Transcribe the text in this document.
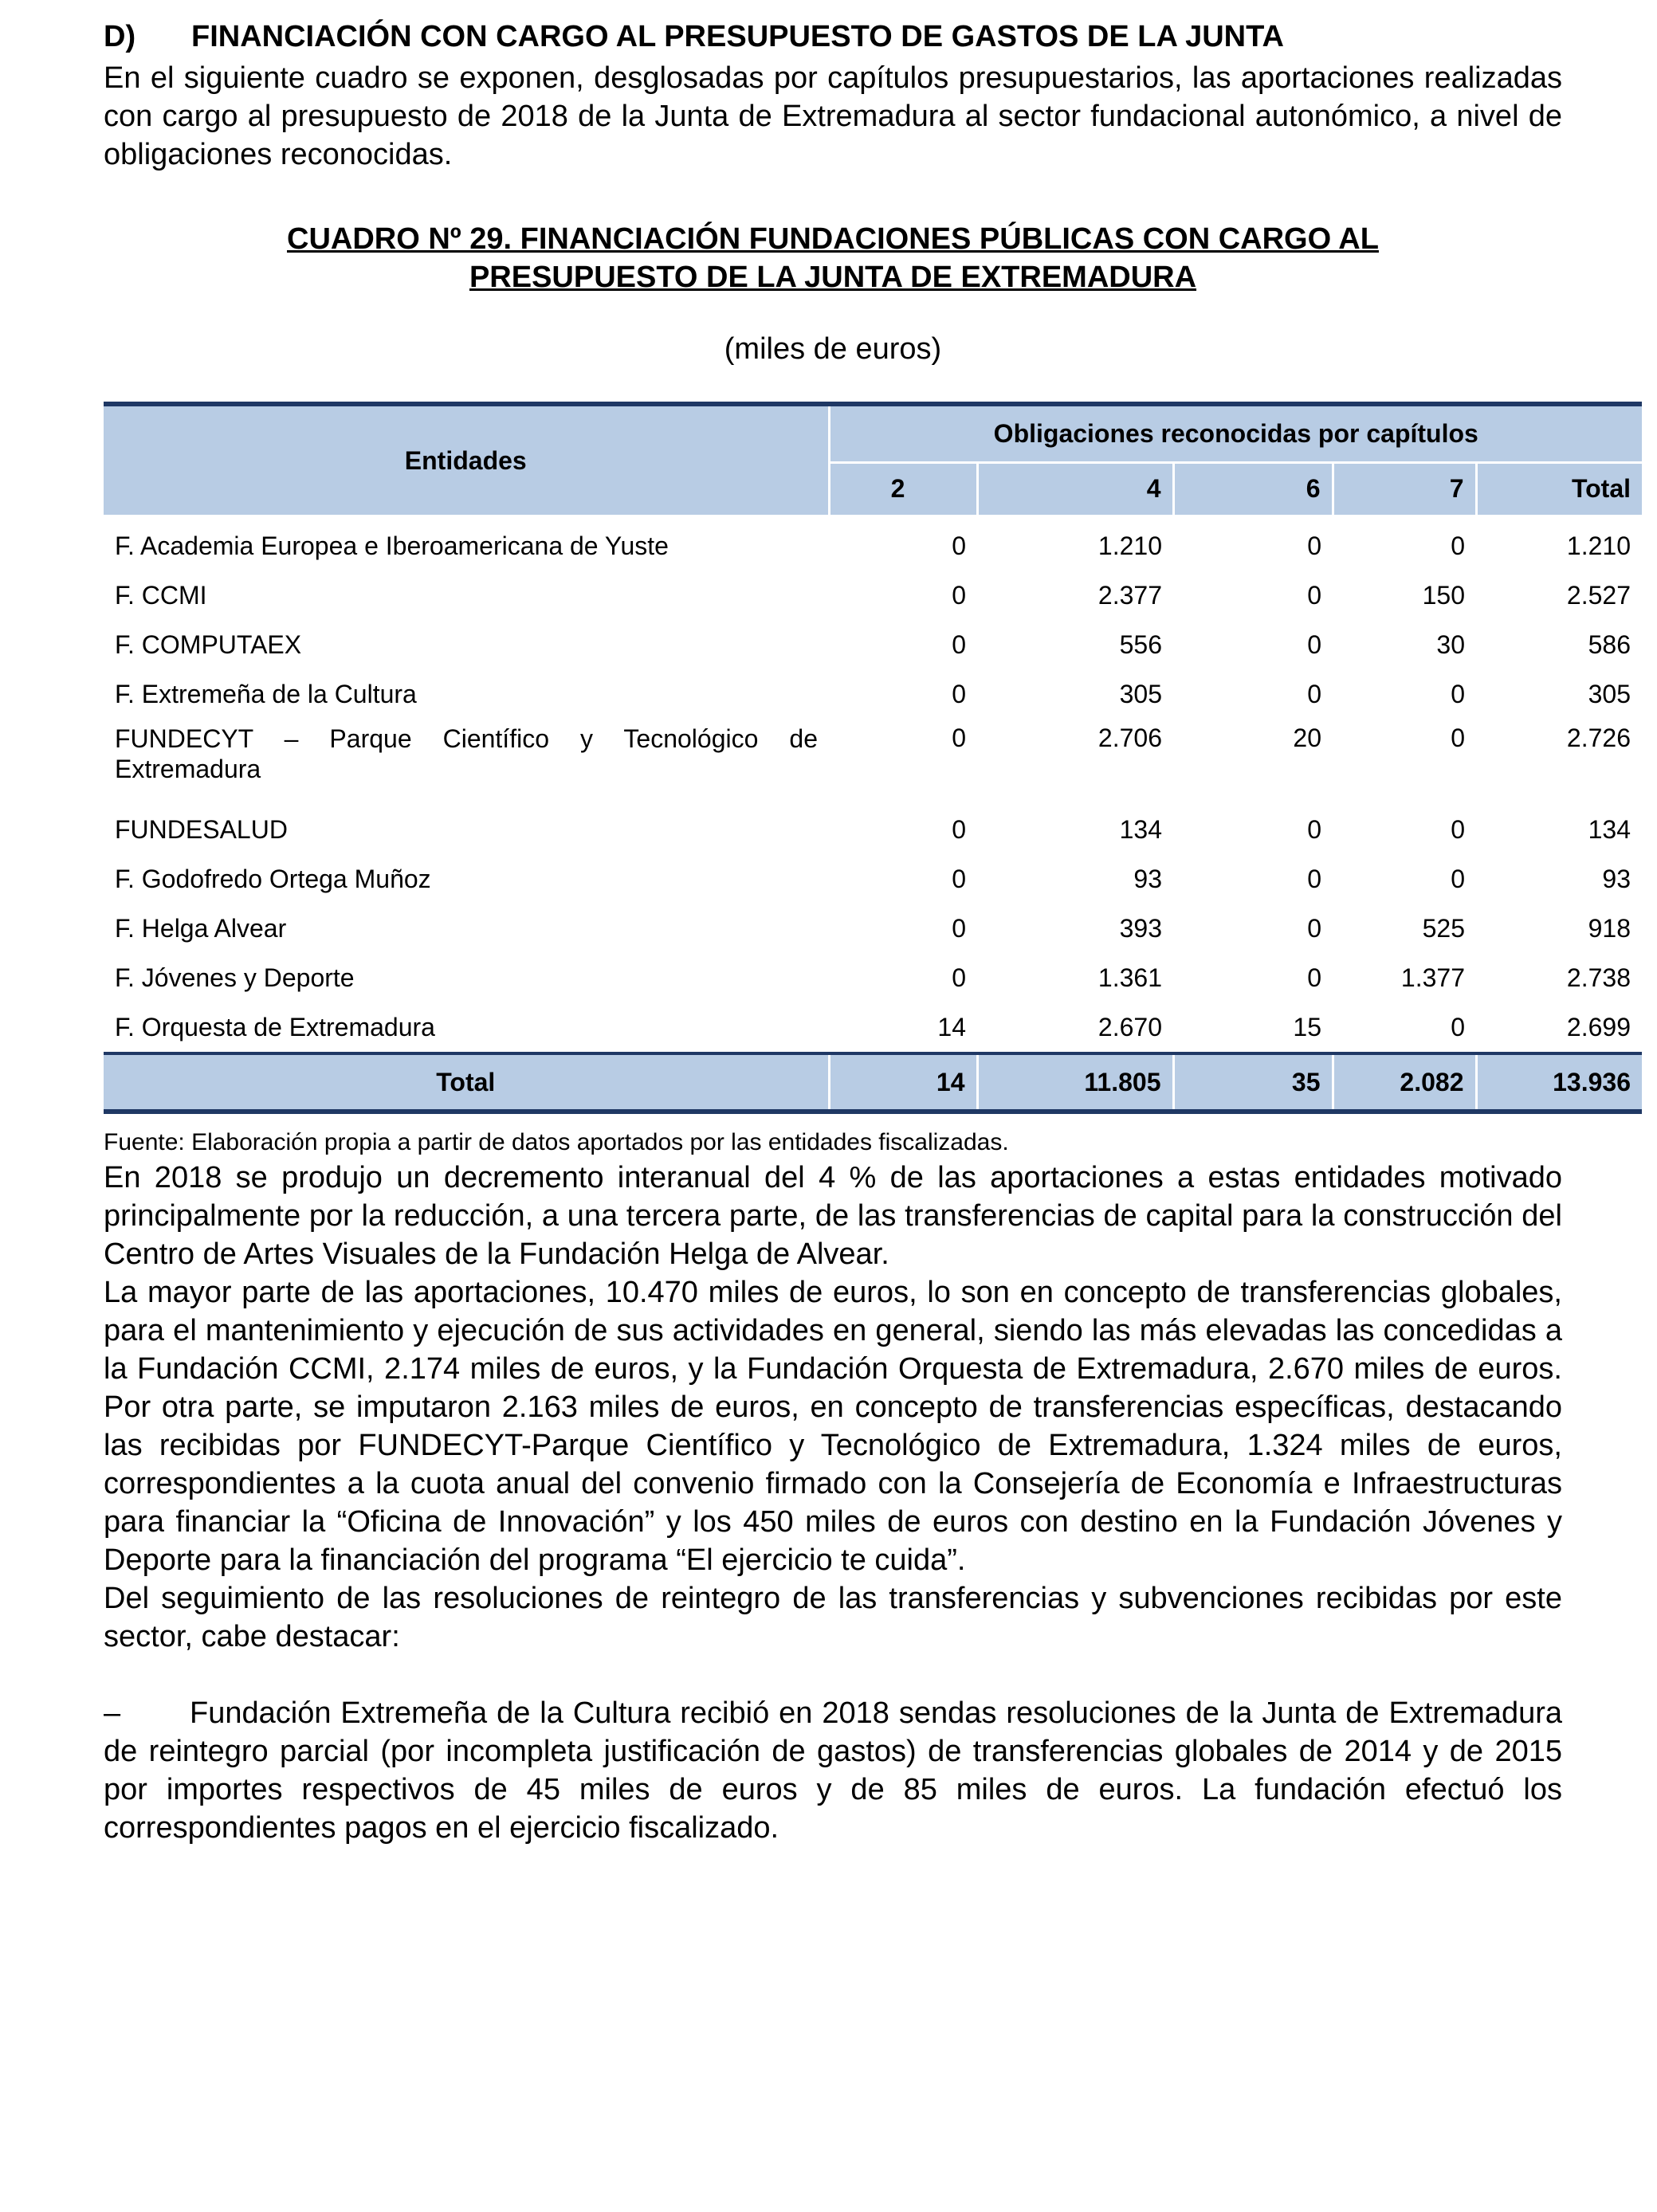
D)	FINANCIACIÓN CON CARGO AL PRESUPUESTO DE GASTOS DE LA JUNTA

En el siguiente cuadro se exponen, desglosadas por capítulos presupuestarios, las aportaciones realizadas con cargo al presupuesto de 2018 de la Junta de Extremadura al sector fundacional autonómico, a nivel de obligaciones reconocidas.

CUADRO Nº 29. FINANCIACIÓN FUNDACIONES PÚBLICAS CON CARGO AL
PRESUPUESTO DE LA JUNTA DE EXTREMADURA
(miles de euros)
Entidades	Obligaciones reconocidas por capítulos				
	2	4	6	7	Total
F. Academia Europea e Iberoamericana de Yuste	0	1.210	0	0	1.210
F. CCMI	0	2.377	0	150	2.527
F. COMPUTAEX	0	556	0	30	586
F. Extremeña de la Cultura	0	305	0	0	305
FUNDECYT – Parque Científico y Tecnológico de Extremadura	0	2.706	20	0	2.726
FUNDESALUD	0	134	0	0	134
F. Godofredo Ortega Muñoz	0	93	0	0	93
F. Helga Alvear	0	393	0	525	918
F. Jóvenes y Deporte	0	1.361	0	1.377	2.738
F. Orquesta de Extremadura	14	2.670	15	0	2.699
Total	14	11.805	35	2.082	13.936
Fuente: Elaboración propia a partir de datos aportados por las entidades fiscalizadas.

En 2018 se produjo un decremento interanual del 4 % de las aportaciones a estas entidades motivado principalmente por la reducción, a una tercera parte, de las transferencias de capital para la construcción del Centro de Artes Visuales de la Fundación Helga de Alvear.

La mayor parte de las aportaciones, 10.470 miles de euros, lo son en concepto de transferencias globales, para el mantenimiento y ejecución de sus actividades en general, siendo las más elevadas las concedidas a la Fundación CCMI, 2.174 miles de euros, y la Fundación Orquesta de Extremadura, 2.670 miles de euros. Por otra parte, se imputaron 2.163 miles de euros, en concepto de transferencias específicas, destacando las recibidas por FUNDECYT-Parque Científico y Tecnológico de Extremadura, 1.324 miles de euros, correspondientes a la cuota anual del convenio firmado con la Consejería de Economía e Infraestructuras para financiar la “Oficina de Innovación” y los 450 miles de euros con destino en la Fundación Jóvenes y Deporte para la financiación del programa “El ejercicio te cuida”.

Del seguimiento de las resoluciones de reintegro de las transferencias y subvenciones recibidas por este sector, cabe destacar:

– Fundación Extremeña de la Cultura recibió en 2018 sendas resoluciones de la Junta de Extremadura de reintegro parcial (por incompleta justificación de gastos) de transferencias globales de 2014 y de 2015 por importes respectivos de 45 miles de euros y de 85 miles de euros. La fundación efectuó los correspondientes pagos en el ejercicio fiscalizado.
